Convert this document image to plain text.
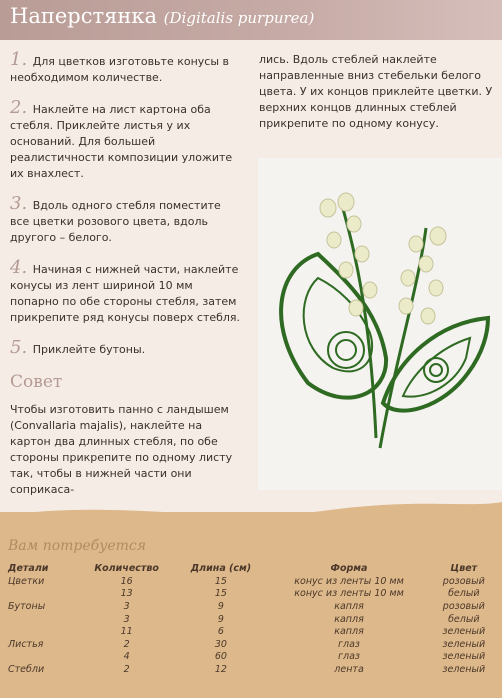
Наперстянка (Digitalis purpurea)

1. Для цветков изготовьте конусы в необходимом количестве.

2. Наклейте на лист картона оба стебля. Приклейте листья у их оснований. Для большей реалистичности композиции уложите их внахлест.

3. Вдоль одного стебля поместите все цветки розового цвета, вдоль другого – белого.

4. Начиная с нижней части, наклейте конусы из лент шириной 10 мм попарно по обе стороны стебля, затем прикрепите ряд конусы поверх стебля.

5. Приклейте бутоны.

Совет

Чтобы изготовить панно с ландышем (Convallaria majalis), наклейте на картон два длинных стебля, по обе стороны прикрепите по одному листу так, чтобы в нижней части они соприкаса-

лись. Вдоль стеблей наклейте направленные вниз стебельки белого цвета. У их концов приклейте цветки. У верхних концов длинных стеблей прикрепите по одному конусу.

Вам потребуется
Детали	Количество	Длина (см)	Форма	Цвет
Цветки	16	15	конус из ленты 10 мм	розовый
	13	15	конус из ленты 10 мм	белый
Бутоны	3	9	капля	розовый
	3	9	капля	белый
	11	6	капля	зеленый
Листья	2	30	глаз	зеленый
	4	60	глаз	зеленый
Стебли	2	12	лента	зеленый
